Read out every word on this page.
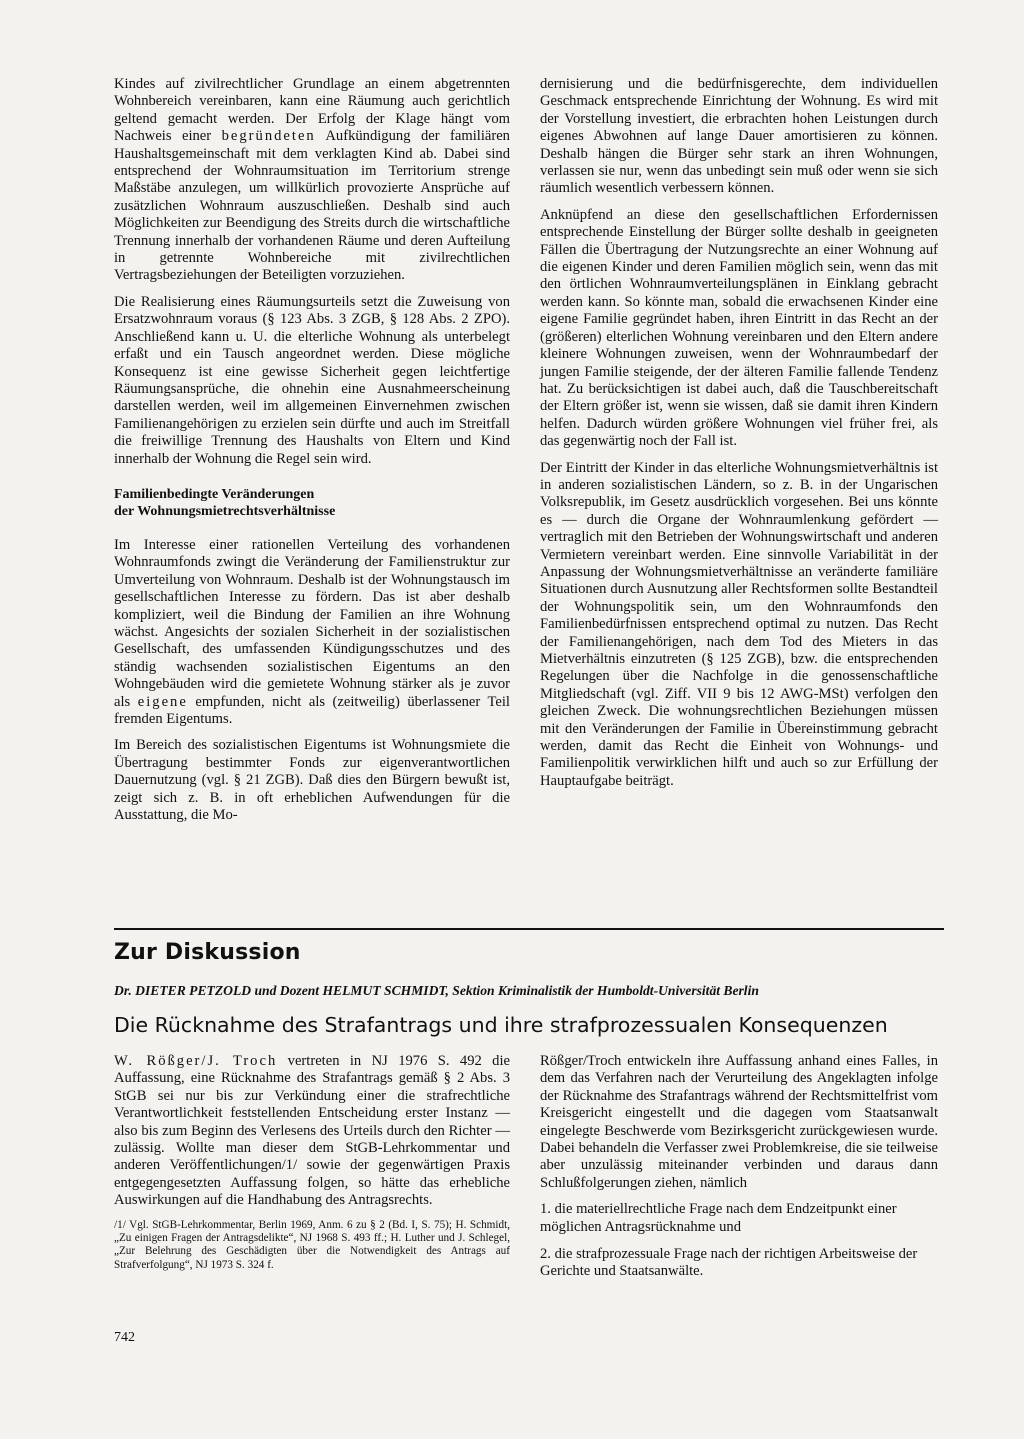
Kindes auf zivilrechtlicher Grundlage an einem abgetrennten Wohnbereich vereinbaren, kann eine Räumung auch gerichtlich geltend gemacht werden. Der Erfolg der Klage hängt vom Nachweis einer begründeten Aufkündigung der familiären Haushaltsgemeinschaft mit dem verklagten Kind ab. Dabei sind entsprechend der Wohnraumsituation im Territorium strenge Maßstäbe anzulegen, um willkürlich provozierte Ansprüche auf zusätzlichen Wohnraum auszuschließen. Deshalb sind auch Möglichkeiten zur Beendigung des Streits durch die wirtschaftliche Trennung innerhalb der vorhandenen Räume und deren Aufteilung in getrennte Wohnbereiche mit zivilrechtlichen Vertragsbeziehungen der Beteiligten vorzuziehen.

Die Realisierung eines Räumungsurteils setzt die Zuweisung von Ersatzwohnraum voraus (§ 123 Abs. 3 ZGB, § 128 Abs. 2 ZPO). Anschließend kann u. U. die elterliche Wohnung als unterbelegt erfaßt und ein Tausch angeordnet werden. Diese mögliche Konsequenz ist eine gewisse Sicherheit gegen leichtfertige Räumungsansprüche, die ohnehin eine Ausnahmeerscheinung darstellen werden, weil im allgemeinen Einvernehmen zwischen Familienangehörigen zu erzielen sein dürfte und auch im Streitfall die freiwillige Trennung des Haushalts von Eltern und Kind innerhalb der Wohnung die Regel sein wird.

Familienbedingte Veränderungen
der Wohnungsmietrechtsverhältnisse

Im Interesse einer rationellen Verteilung des vorhandenen Wohnraumfonds zwingt die Veränderung der Familienstruktur zur Umverteilung von Wohnraum. Deshalb ist der Wohnungstausch im gesellschaftlichen Interesse zu fördern. Das ist aber deshalb kompliziert, weil die Bindung der Familien an ihre Wohnung wächst. Angesichts der sozialen Sicherheit in der sozialistischen Gesellschaft, des umfassenden Kündigungsschutzes und des ständig wachsenden sozialistischen Eigentums an den Wohngebäuden wird die gemietete Wohnung stärker als je zuvor als eigene empfunden, nicht als (zeitweilig) überlassener Teil fremden Eigentums.

Im Bereich des sozialistischen Eigentums ist Wohnungsmiete die Übertragung bestimmter Fonds zur eigenverantwortlichen Dauernutzung (vgl. § 21 ZGB). Daß dies den Bürgern bewußt ist, zeigt sich z. B. in oft erheblichen Aufwendungen für die Ausstattung, die Mo-

dernisierung und die bedürfnisgerechte, dem individuellen Geschmack entsprechende Einrichtung der Wohnung. Es wird mit der Vorstellung investiert, die erbrachten hohen Leistungen durch eigenes Abwohnen auf lange Dauer amortisieren zu können. Deshalb hängen die Bürger sehr stark an ihren Wohnungen, verlassen sie nur, wenn das unbedingt sein muß oder wenn sie sich räumlich wesentlich verbessern können.

Anknüpfend an diese den gesellschaftlichen Erfordernissen entsprechende Einstellung der Bürger sollte deshalb in geeigneten Fällen die Übertragung der Nutzungsrechte an einer Wohnung auf die eigenen Kinder und deren Familien möglich sein, wenn das mit den örtlichen Wohnraumverteilungsplänen in Einklang gebracht werden kann. So könnte man, sobald die erwachsenen Kinder eine eigene Familie gegründet haben, ihren Eintritt in das Recht an der (größeren) elterlichen Wohnung vereinbaren und den Eltern andere kleinere Wohnungen zuweisen, wenn der Wohnraumbedarf der jungen Familie steigende, der der älteren Familie fallende Tendenz hat. Zu berücksichtigen ist dabei auch, daß die Tauschbereitschaft der Eltern größer ist, wenn sie wissen, daß sie damit ihren Kindern helfen. Dadurch würden größere Wohnungen viel früher frei, als das gegenwärtig noch der Fall ist.

Der Eintritt der Kinder in das elterliche Wohnungsmietverhältnis ist in anderen sozialistischen Ländern, so z. B. in der Ungarischen Volksrepublik, im Gesetz ausdrücklich vorgesehen. Bei uns könnte es — durch die Organe der Wohnraumlenkung gefördert — vertraglich mit den Betrieben der Wohnungswirtschaft und anderen Vermietern vereinbart werden. Eine sinnvolle Variabilität in der Anpassung der Wohnungsmietverhältnisse an veränderte familiäre Situationen durch Ausnutzung aller Rechtsformen sollte Bestandteil der Wohnungspolitik sein, um den Wohnraumfonds den Familienbedürfnissen entsprechend optimal zu nutzen. Das Recht der Familienangehörigen, nach dem Tod des Mieters in das Mietverhältnis einzutreten (§ 125 ZGB), bzw. die entsprechenden Regelungen über die Nachfolge in die genossenschaftliche Mitgliedschaft (vgl. Ziff. VII 9 bis 12 AWG-MSt) verfolgen den gleichen Zweck. Die wohnungsrechtlichen Beziehungen müssen mit den Veränderungen der Familie in Übereinstimmung gebracht werden, damit das Recht die Einheit von Wohnungs- und Familienpolitik verwirklichen hilft und auch so zur Erfüllung der Hauptaufgabe beiträgt.

Zur Diskussion
Dr. DIETER PETZOLD und Dozent HELMUT SCHMIDT, Sektion Kriminalistik der Humboldt-Universität Berlin
Die Rücknahme des Strafantrags und ihre strafprozessualen Konsequenzen

W. Rößger/J. Troch vertreten in NJ 1976 S. 492 die Auffassung, eine Rücknahme des Strafantrags gemäß § 2 Abs. 3 StGB sei nur bis zur Verkündung einer die strafrechtliche Verantwortlichkeit feststellenden Entscheidung erster Instanz — also bis zum Beginn des Verlesens des Urteils durch den Richter — zulässig. Wollte man dieser dem StGB-Lehrkommentar und anderen Veröffentlichungen/1/ sowie der gegenwärtigen Praxis entgegengesetzten Auffassung folgen, so hätte das erhebliche Auswirkungen auf die Handhabung des Antragsrechts.

/1/ Vgl. StGB-Lehrkommentar, Berlin 1969, Anm. 6 zu § 2 (Bd. I, S. 75); H. Schmidt, „Zu einigen Fragen der Antragsdelikte“, NJ 1968 S. 493 ff.; H. Luther und J. Schlegel, „Zur Belehrung des Geschädigten über die Notwendigkeit des Antrags auf Strafverfolgung“, NJ 1973 S. 324 f.

Rößger/Troch entwickeln ihre Auffassung anhand eines Falles, in dem das Verfahren nach der Verurteilung des Angeklagten infolge der Rücknahme des Strafantrags während der Rechtsmittelfrist vom Kreisgericht eingestellt und die dagegen vom Staatsanwalt eingelegte Beschwerde vom Bezirksgericht zurückgewiesen wurde. Dabei behandeln die Verfasser zwei Problemkreise, die sie teilweise aber unzulässig miteinander verbinden und daraus dann Schlußfolgerungen ziehen, nämlich

1. die materiellrechtliche Frage nach dem Endzeitpunkt einer möglichen Antragsrücknahme und

2. die strafprozessuale Frage nach der richtigen Arbeitsweise der Gerichte und Staatsanwälte.

742
